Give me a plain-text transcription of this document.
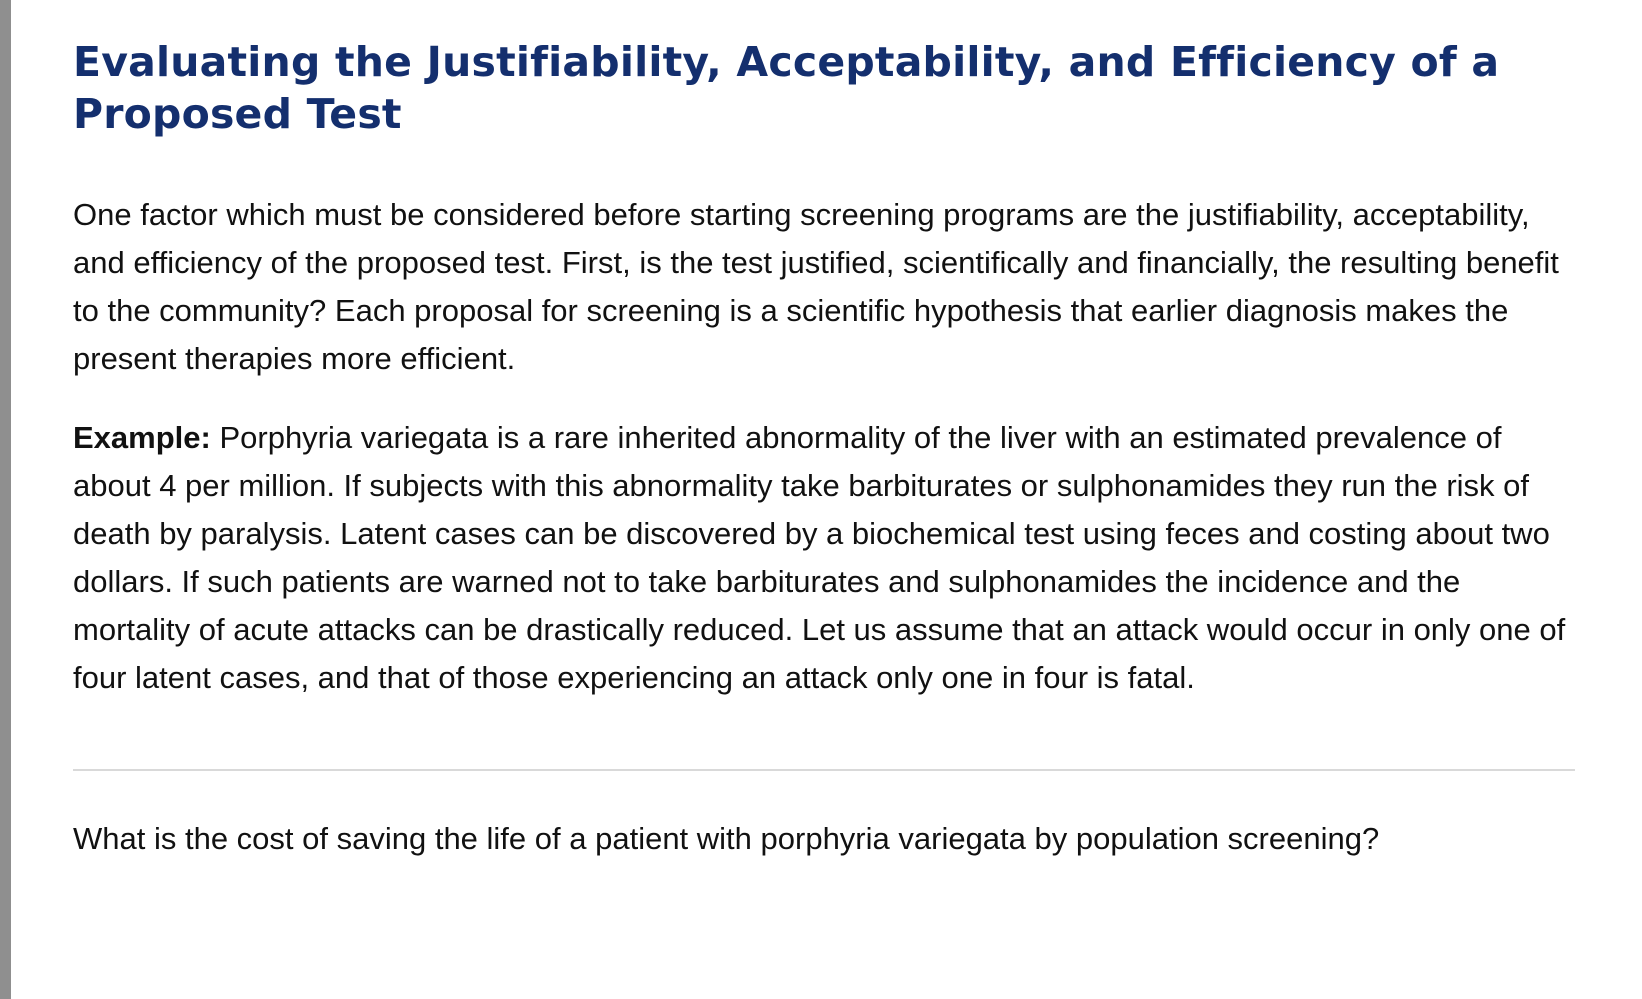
Evaluating the Justifiability, Acceptability, and Efficiency of a Proposed Test

One factor which must be considered before starting screening programs are the justifiability, acceptability, and efficiency of the proposed test. First, is the test justified, scientifically and financially, the resulting benefit to the community? Each proposal for screening is a scientific hypothesis that earlier diagnosis makes the present therapies more efficient.

Example: Porphyria variegata is a rare inherited abnormality of the liver with an estimated prevalence of about 4 per million. If subjects with this abnormality take barbiturates or sulphonamides they run the risk of death by paralysis. Latent cases can be discovered by a biochemical test using feces and costing about two dollars. If such patients are warned not to take barbiturates and sulphonamides the incidence and the mortality of acute attacks can be drastically reduced. Let us assume that an attack would occur in only one of four latent cases, and that of those experiencing an attack only one in four is fatal.

What is the cost of saving the life of a patient with porphyria variegata by population screening?
